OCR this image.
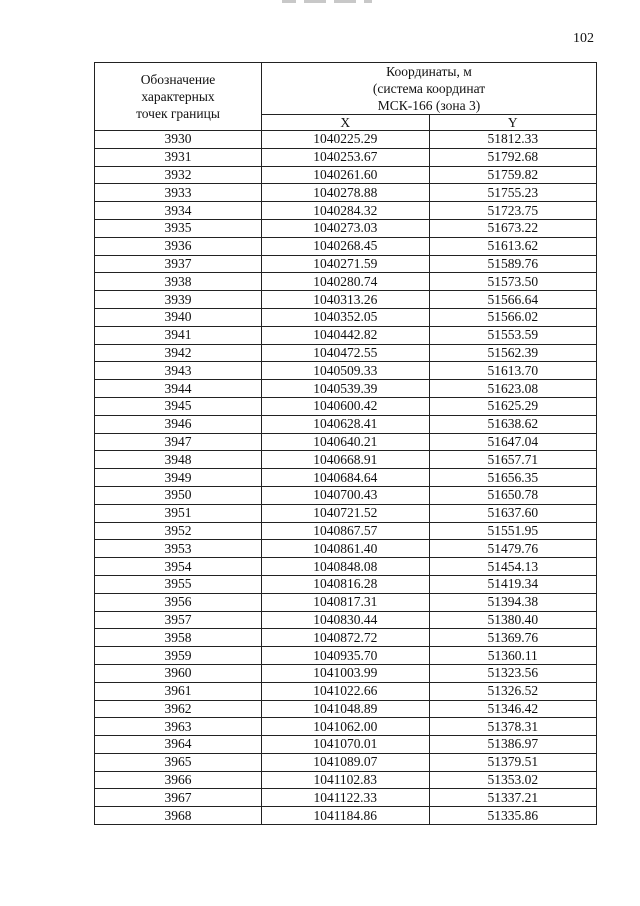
102
Обозначение
характерных
точек границы	Координаты, м
(система координат
МСК-166 (зона 3)	

	X	Y
3930	1040225.29	51812.33
3931	1040253.67	51792.68
3932	1040261.60	51759.82
3933	1040278.88	51755.23
3934	1040284.32	51723.75
3935	1040273.03	51673.22
3936	1040268.45	51613.62
3937	1040271.59	51589.76
3938	1040280.74	51573.50
3939	1040313.26	51566.64
3940	1040352.05	51566.02
3941	1040442.82	51553.59
3942	1040472.55	51562.39
3943	1040509.33	51613.70
3944	1040539.39	51623.08
3945	1040600.42	51625.29
3946	1040628.41	51638.62
3947	1040640.21	51647.04
3948	1040668.91	51657.71
3949	1040684.64	51656.35
3950	1040700.43	51650.78
3951	1040721.52	51637.60
3952	1040867.57	51551.95
3953	1040861.40	51479.76
3954	1040848.08	51454.13
3955	1040816.28	51419.34
3956	1040817.31	51394.38
3957	1040830.44	51380.40
3958	1040872.72	51369.76
3959	1040935.70	51360.11
3960	1041003.99	51323.56
3961	1041022.66	51326.52
3962	1041048.89	51346.42
3963	1041062.00	51378.31
3964	1041070.01	51386.97
3965	1041089.07	51379.51
3966	1041102.83	51353.02
3967	1041122.33	51337.21
3968	1041184.86	51335.86
